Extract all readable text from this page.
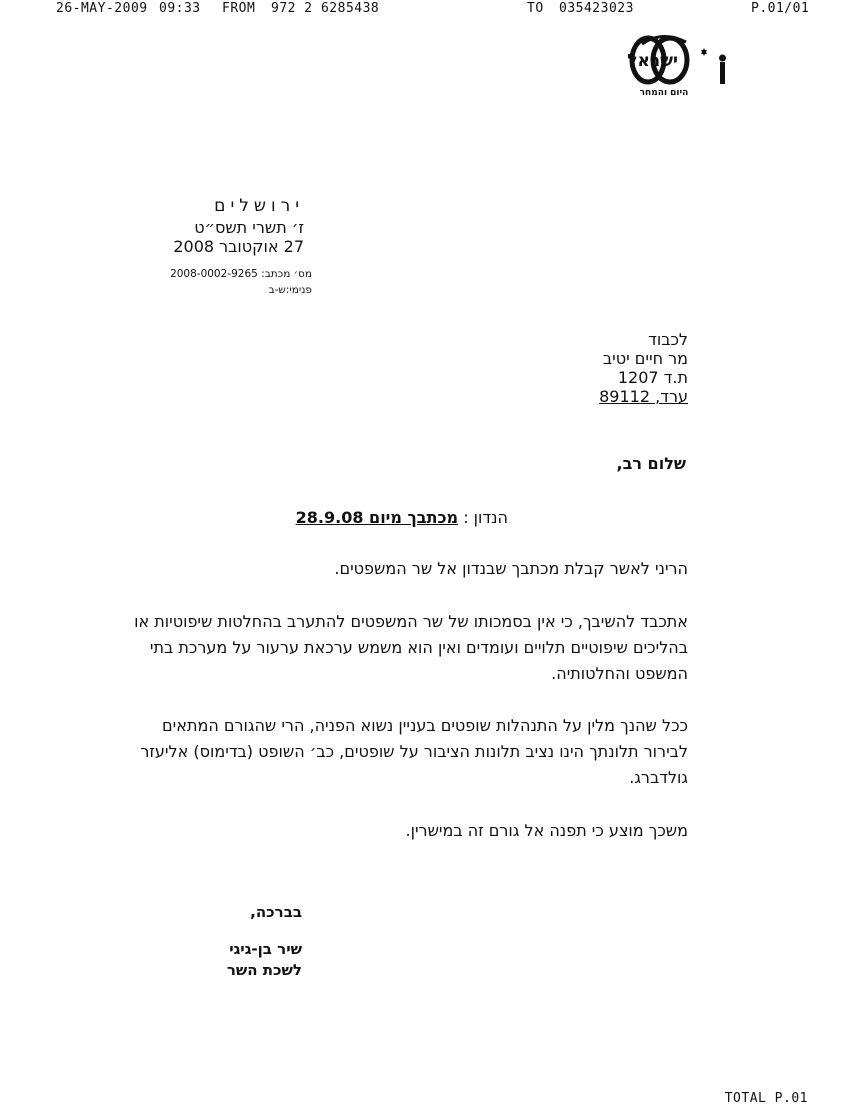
26-MAY-2009 09:33 FROM 972 2 6285438	TO 035423023	P.01/01
ישראל
היום והמחר
ירושלים
ז׳ תשרי תשס״ט
27 אוקטובר 2008
מס׳ מכתב: 2008-0002-9265
פנימי:ש-ב
לכבוד
מר חיים יטיב
ת.ד 1207
ערד, 89112
שלום רב,
הנדון : מכתבך מיום 28.9.08
הריני לאשר קבלת מכתבך שבנדון אל שר המשפטים.
אתכבד להשיבך, כי אין בסמכותו של שר המשפטים להתערב בהחלטות שיפוטיות או
בהליכים שיפוטיים תלויים ועומדים ואין הוא משמש ערכאת ערעור על מערכת בתי
המשפט והחלטותיה.
ככל שהנך מלין על התנהלות שופטים בעניין נשוא הפניה, הרי שהגורם המתאים
לבירור תלונתך הינו נציב תלונות הציבור על שופטים, כב׳ השופט (בדימוס) אליעזר
גולדברג.
משכך מוצע כי תפנה אל גורם זה במישרין.
בברכה,
שיר בן-גיגי
לשכת השר
TOTAL P.01
